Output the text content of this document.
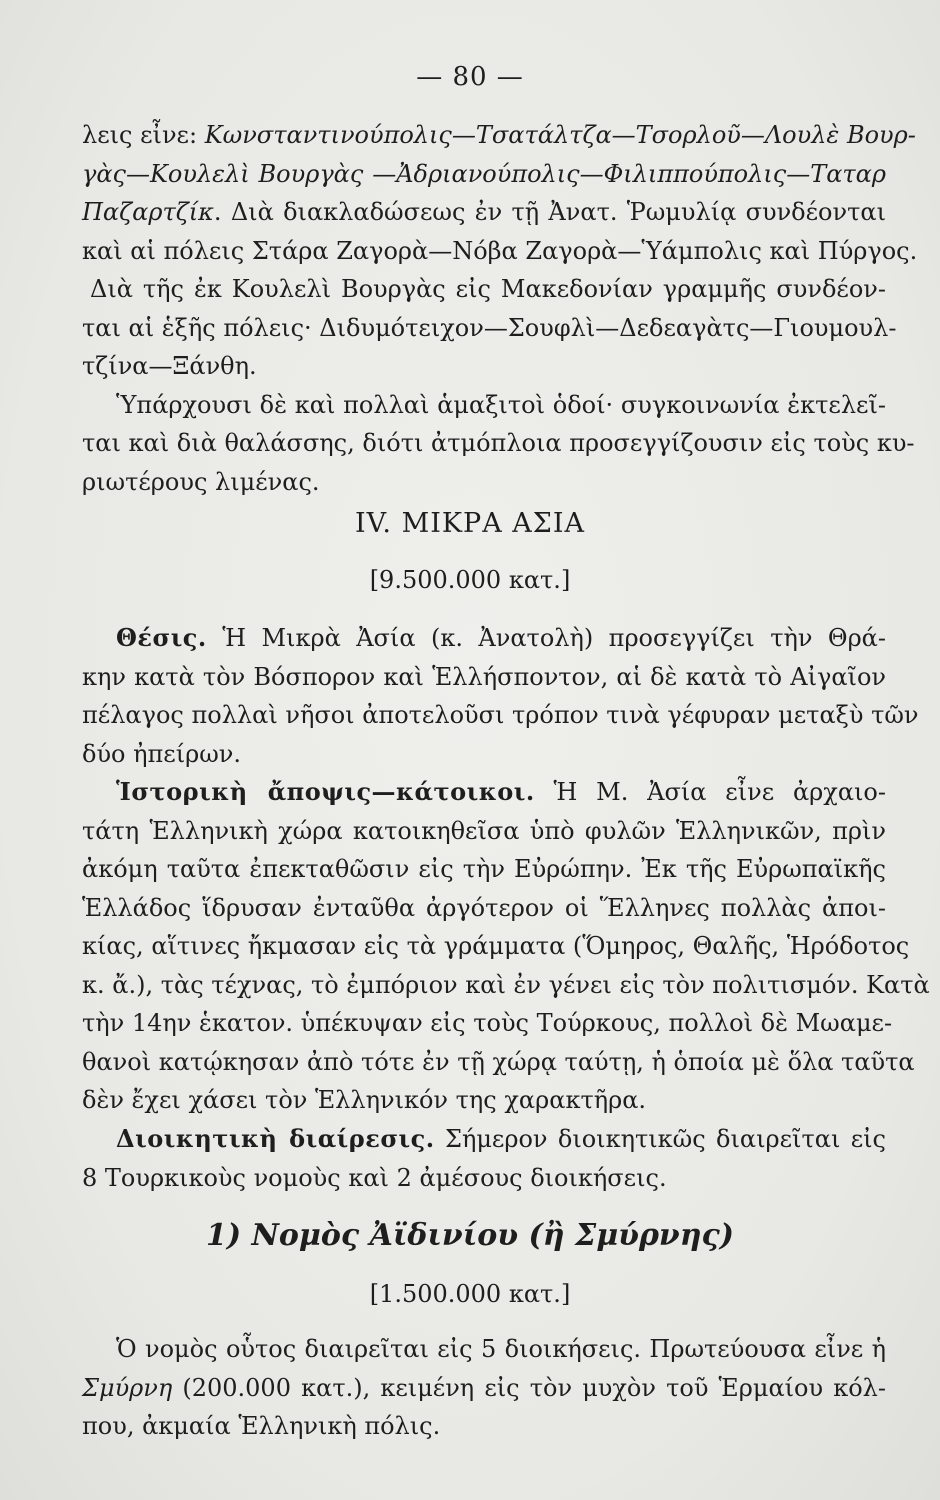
— 80 —
λεις εἶνε: Κωνσταντινούπολις—Τσατάλτζα—Τσορλοῦ—Λουλὲ Βουρ-
γὰς—Κουλελὶ Βουργὰς —Ἀδριανούπολις—Φιλιππούπολις—Ταταρ
Παζαρτζίκ. Διὰ διακλαδώσεως ἐν τῇ Ἀνατ. Ῥωμυλίᾳ συνδέονται
καὶ αἱ πόλεις Στάρα Ζαγορὰ—Νόβα Ζαγορὰ—Ὑάμπολις καὶ Πύργος.
Διὰ τῆς ἐκ Κουλελὶ Βουργὰς εἰς Μακεδονίαν γραμμῆς συνδέον-
ται αἱ ἑξῆς πόλεις· Διδυμότειχον—Σουφλὶ—Δεδεαγὰτς—Γιουμουλ-
τζίνα—Ξάνθη.
Ὑπάρχουσι δὲ καὶ πολλαὶ ἁμαξιτοὶ ὁδοί· συγκοινωνία ἐκτελεῖ-
ται καὶ διὰ θαλάσσης, διότι ἀτμόπλοια προσεγγίζουσιν εἰς τοὺς κυ-
ριωτέρους λιμένας.
IV. ΜΙΚΡΑ ΑΣΙΑ
[9.500.000 κατ.]
Θέσις. Ἡ Μικρὰ Ἀσία (κ. Ἀνατολὴ) προσεγγίζει τὴν Θρά-
κην κατὰ τὸν Βόσπορον καὶ Ἑλλήσποντον, αἱ δὲ κατὰ τὸ Αἰγαῖον
πέλαγος πολλαὶ νῆσοι ἀποτελοῦσι τρόπον τινὰ γέφυραν μεταξὺ τῶν
δύο ἠπείρων.
Ἱστορικὴ ἄποψις—κάτοικοι. Ἡ Μ. Ἀσία εἶνε ἀρχαιο-
τάτη Ἑλληνικὴ χώρα κατοικηθεῖσα ὑπὸ φυλῶν Ἑλληνικῶν, πρὶν
ἀκόμη ταῦτα ἐπεκταθῶσιν εἰς τὴν Εὐρώπην. Ἐκ τῆς Εὐρωπαϊκῆς
Ἑλλάδος ἵδρυσαν ἐνταῦθα ἀργότερον οἱ Ἕλληνες πολλὰς ἀποι-
κίας, αἵτινες ἤκμασαν εἰς τὰ γράμματα (Ὅμηρος, Θαλῆς, Ἡρόδοτος
κ. ἄ.), τὰς τέχνας, τὸ ἐμπόριον καὶ ἐν γένει εἰς τὸν πολιτισμόν. Κατὰ
τὴν 14ην ἑκατον. ὑπέκυψαν εἰς τοὺς Τούρκους, πολλοὶ δὲ Μωαμε-
θανοὶ κατῴκησαν ἀπὸ τότε ἐν τῇ χώρᾳ ταύτῃ, ἡ ὁποία μὲ ὅλα ταῦτα
δὲν ἔχει χάσει τὸν Ἑλληνικόν της χαρακτῆρα.
Διοικητικὴ διαίρεσις. Σήμερον διοικητικῶς διαιρεῖται εἰς
8 Τουρκικοὺς νομοὺς καὶ 2 ἀμέσους διοικήσεις.
1) Νομὸς Ἀϊδινίου (ἢ Σμύρνης)
[1.500.000 κατ.]
Ὁ νομὸς οὗτος διαιρεῖται εἰς 5 διοικήσεις. Πρωτεύουσα εἶνε ἡ
Σμύρνη (200.000 κατ.), κειμένη εἰς τὸν μυχὸν τοῦ Ἑρμαίου κόλ-
που, ἀκμαία Ἑλληνικὴ πόλις.
